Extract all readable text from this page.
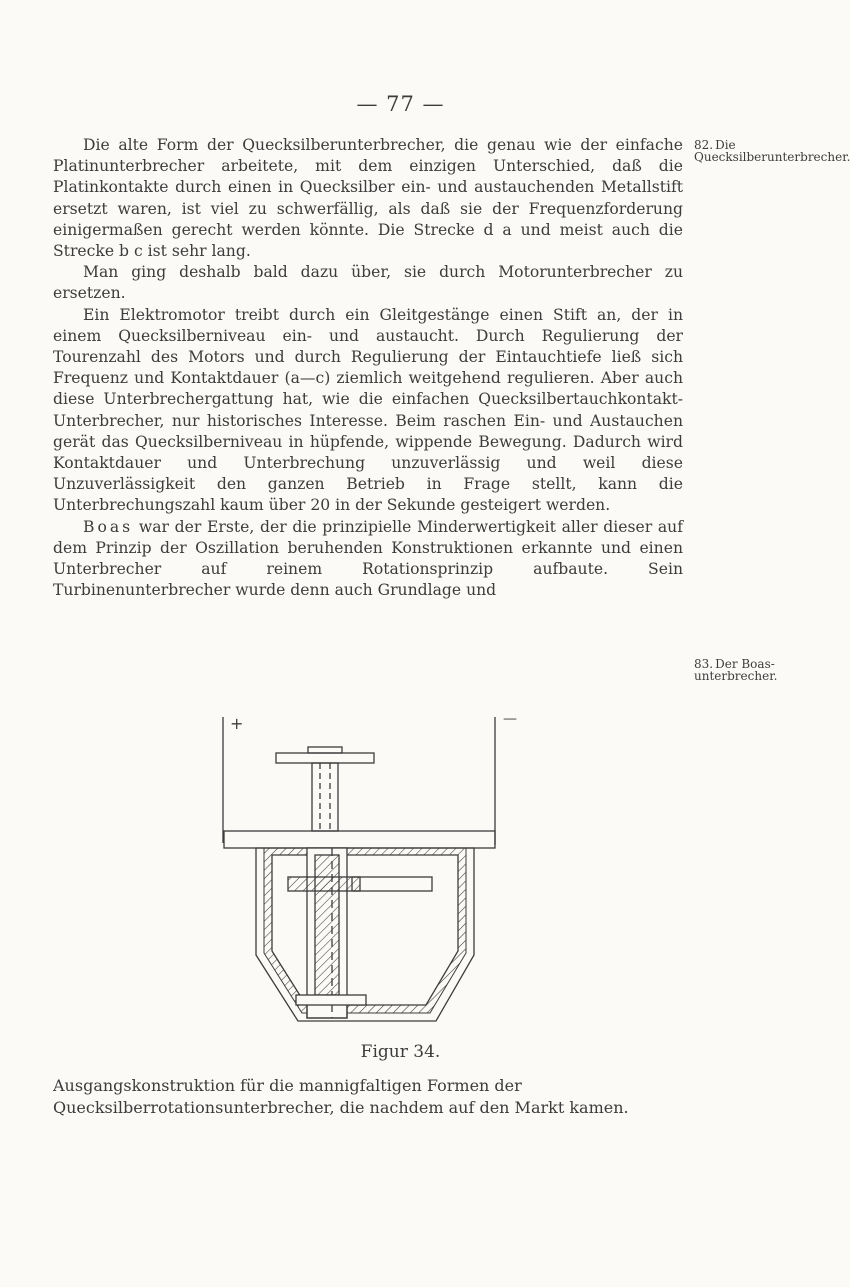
— 77 —

Die alte Form der Quecksilberunterbrecher, die genau wie der einfache Platinunterbrecher arbeitete, mit dem einzigen Unterschied, daß die Platinkontakte durch einen in Quecksilber ein- und austauchenden Metallstift ersetzt waren, ist viel zu schwerfällig, als daß sie der Frequenzforderung einigermaßen gerecht werden könnte. Die Strecke d a und meist auch die Strecke b c ist sehr lang.

Man ging deshalb bald dazu über, sie durch Motorunterbrecher zu ersetzen.

Ein Elektromotor treibt durch ein Gleitgestänge einen Stift an, der in einem Quecksilberniveau ein- und austaucht. Durch Regulierung der Tourenzahl des Motors und durch Regulierung der Eintauchtiefe ließ sich Frequenz und Kontaktdauer (a—c) ziemlich weitgehend regulieren. Aber auch diese Unterbrechergattung hat, wie die einfachen Quecksilbertauchkontakt-Unterbrecher, nur historisches Interesse. Beim raschen Ein- und Austauchen gerät das Quecksilberniveau in hüpfende, wippende Bewegung. Dadurch wird Kontaktdauer und Unterbrechung unzuverlässig und weil diese Unzuverlässigkeit den ganzen Betrieb in Frage stellt, kann die Unterbrechungszahl kaum über 20 in der Sekunde gesteigert werden.

Boas war der Erste, der die prinzipielle Minderwertigkeit aller dieser auf dem Prinzip der Oszillation beruhenden Konstruktionen erkannte und einen Unterbrecher auf reinem Rotationsprinzip aufbaute. Sein Turbinenunterbrecher wurde denn auch Grundlage und

82. Die Quecksilberunterbrecher.
83. Der Boas-unterbrecher.
+	—
Figur 34.

Ausgangskonstruktion für die mannigfaltigen Formen der Quecksilberrotationsunterbrecher, die nachdem auf den Markt kamen.
